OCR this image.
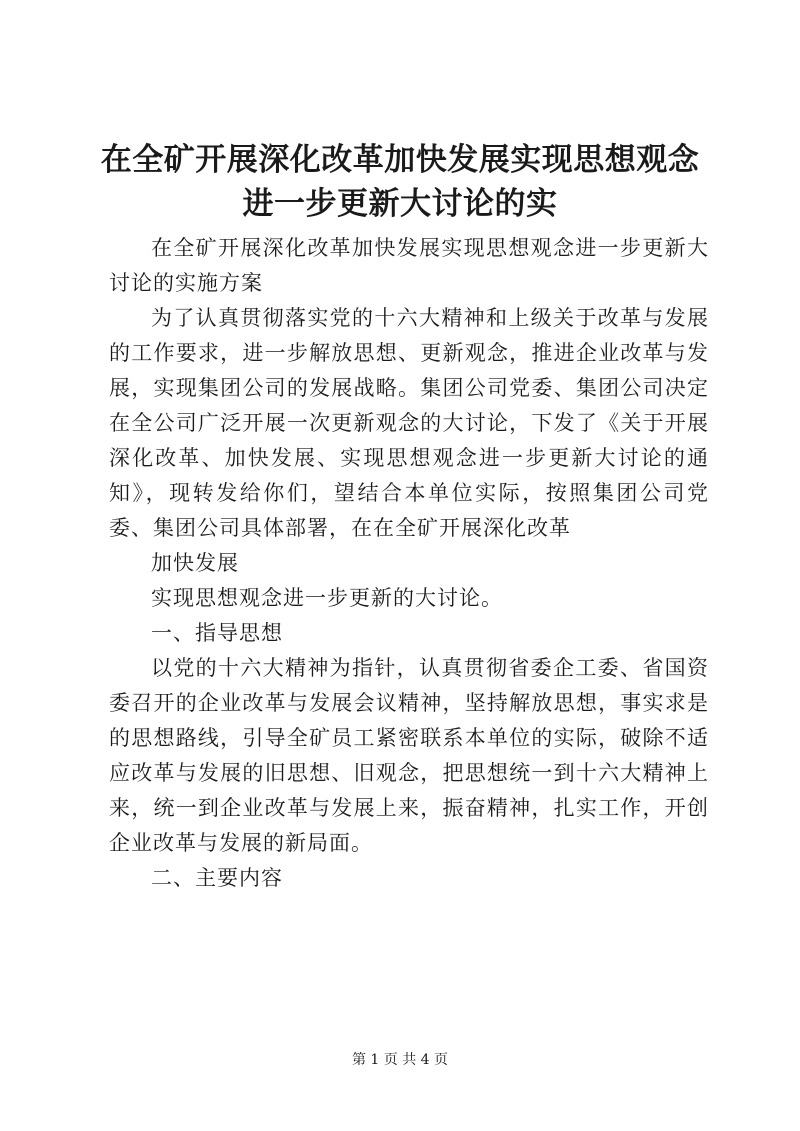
在全矿开展深化改革加快发展实现思想观念进一步更新大讨论的实

在全矿开展深化改革加快发展实现思想观念进一步更新大讨论的实施方案

为了认真贯彻落实党的十六大精神和上级关于改革与发展的工作要求，进一步解放思想、更新观念，推进企业改革与发展，实现集团公司的发展战略。集团公司党委、集团公司决定在全公司广泛开展一次更新观念的大讨论，下发了《关于开展深化改革、加快发展、实现思想观念进一步更新大讨论的通知》，现转发给你们，望结合本单位实际，按照集团公司党委、集团公司具体部署，在在全矿开展深化改革

加快发展

实现思想观念进一步更新的大讨论。

一、指导思想

以党的十六大精神为指针，认真贯彻省委企工委、省国资委召开的企业改革与发展会议精神，坚持解放思想，事实求是的思想路线，引导全矿员工紧密联系本单位的实际，破除不适应改革与发展的旧思想、旧观念，把思想统一到十六大精神上来，统一到企业改革与发展上来，振奋精神，扎实工作，开创企业改革与发展的新局面。

二、主要内容

第 1 页 共 4 页
